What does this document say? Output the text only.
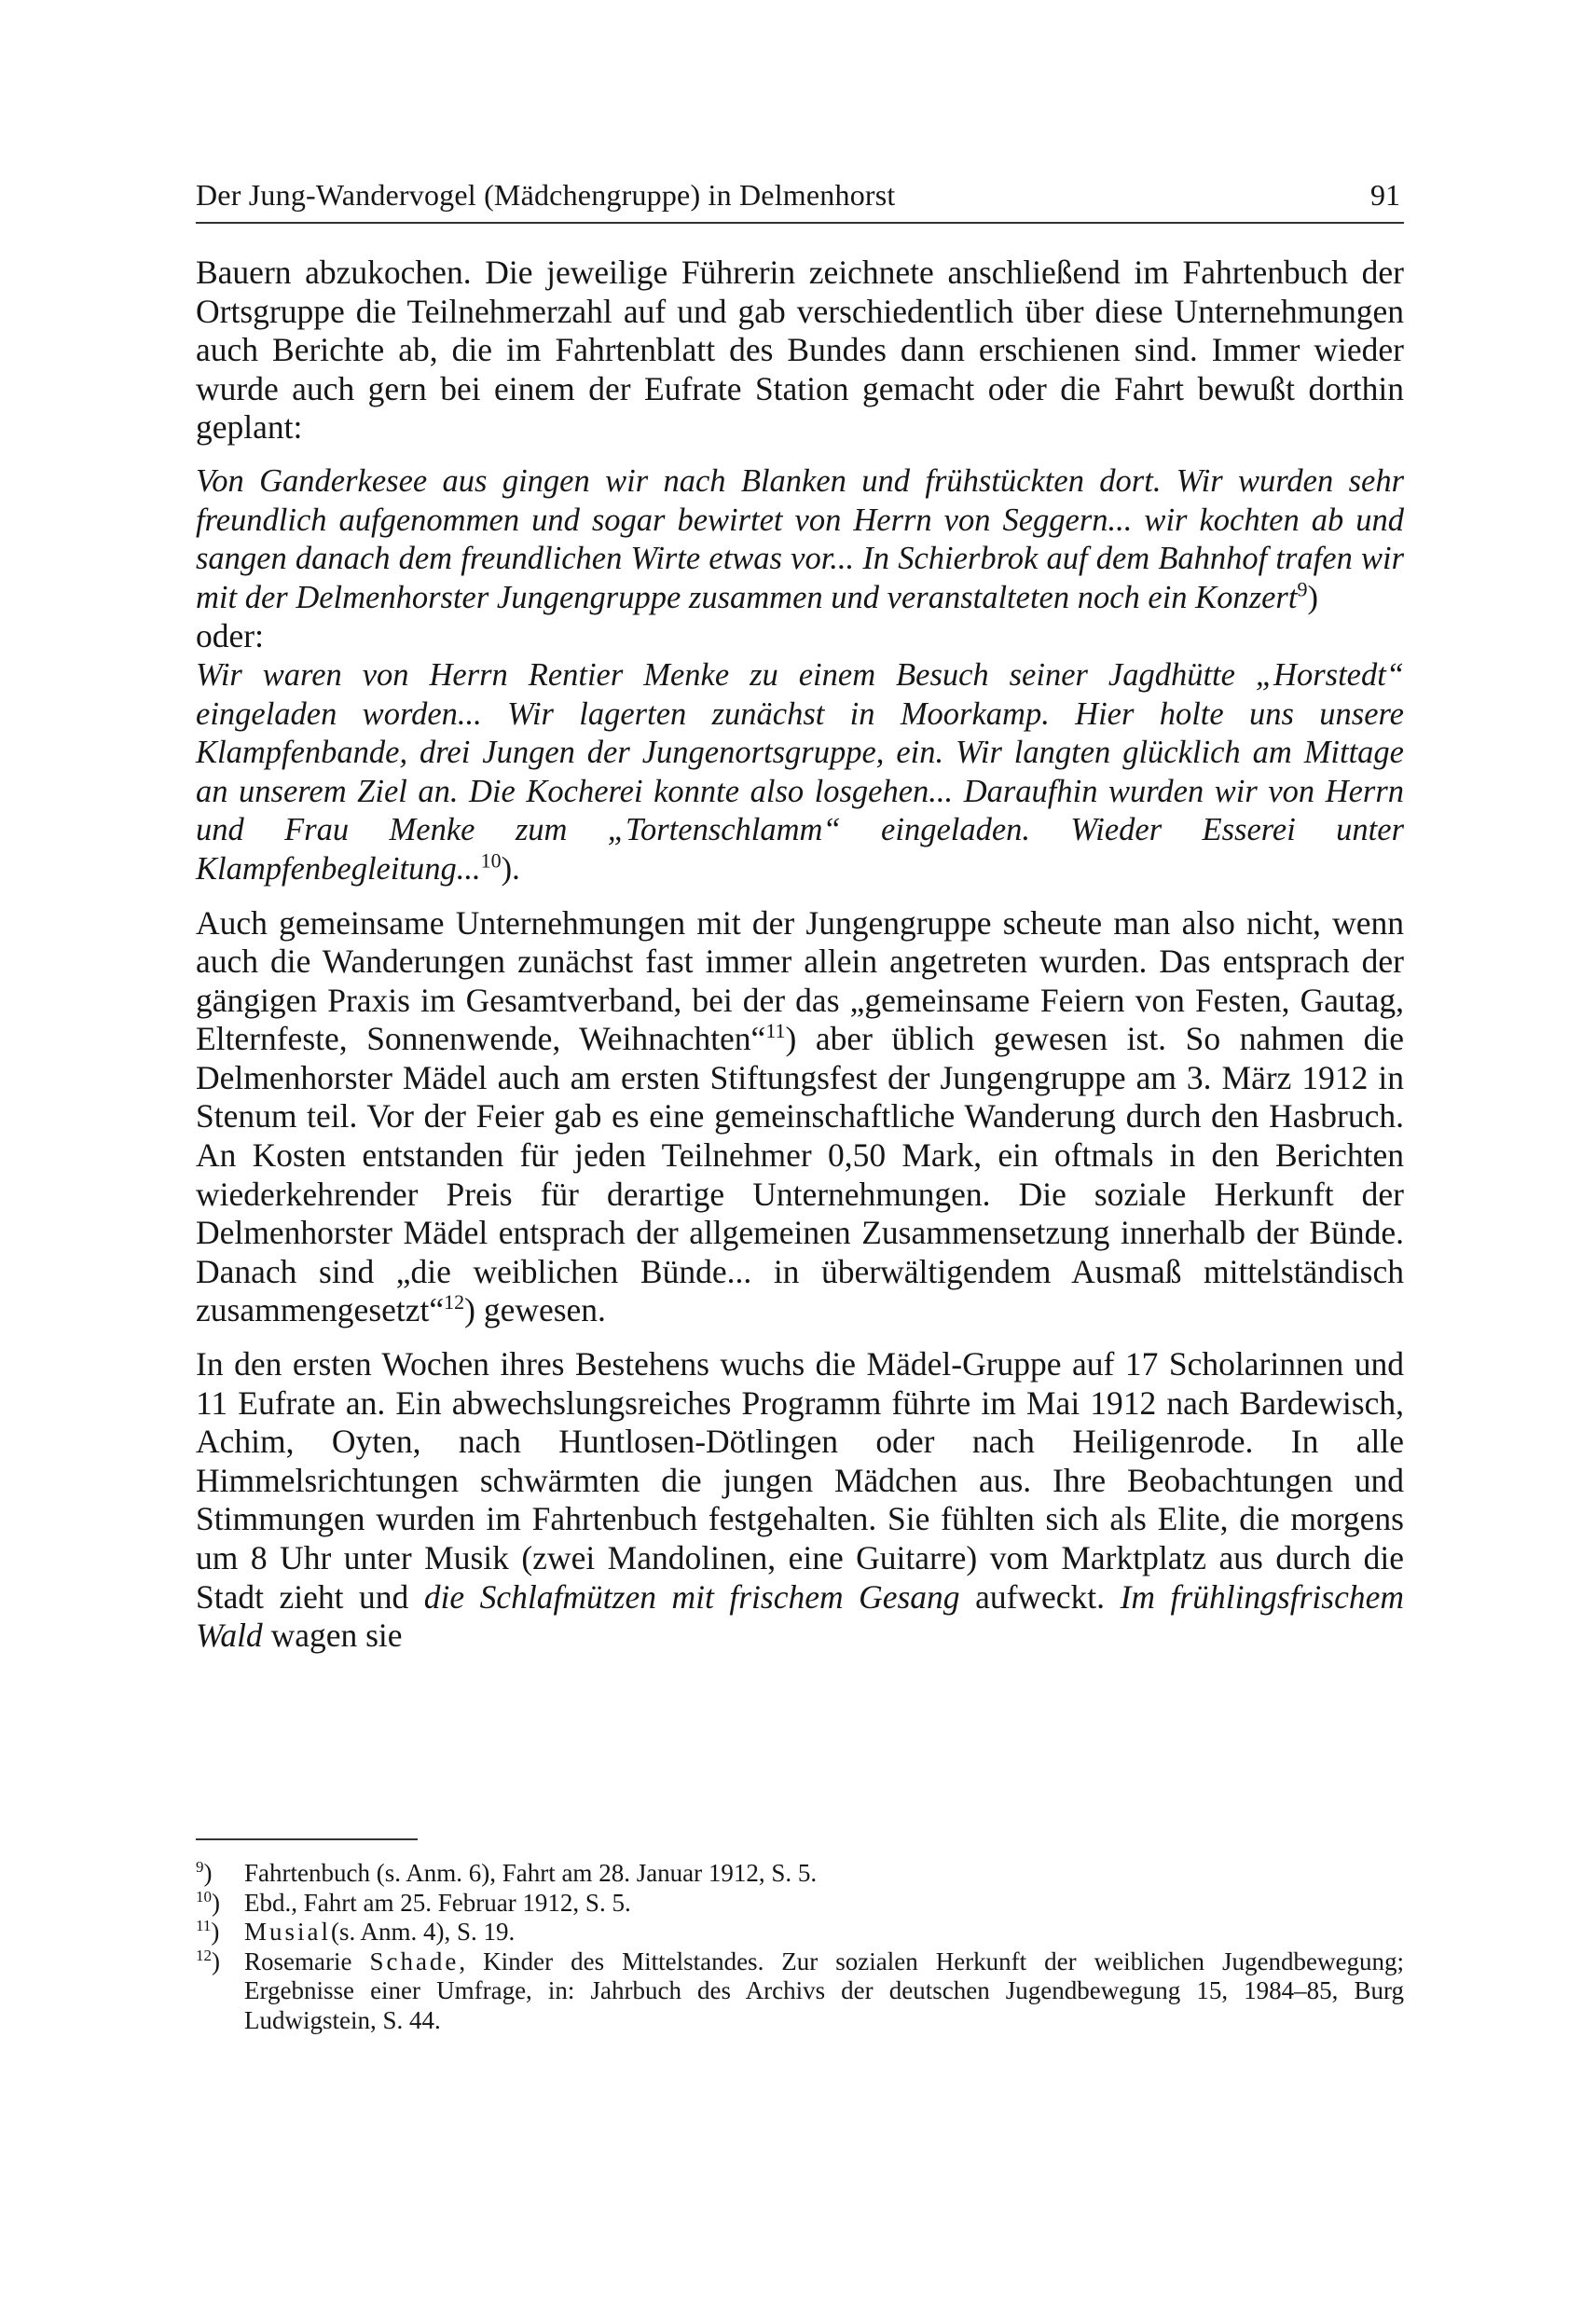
Der Jung-Wandervogel (Mädchengruppe) in Delmenhorst	91

Bauern abzukochen. Die jeweilige Führerin zeichnete anschließend im Fahrtenbuch der Ortsgruppe die Teilnehmerzahl auf und gab verschiedentlich über diese Unternehmungen auch Berichte ab, die im Fahrtenblatt des Bundes dann erschienen sind. Immer wieder wurde auch gern bei einem der Eufrate Station gemacht oder die Fahrt bewußt dorthin geplant:

Von Ganderkesee aus gingen wir nach Blanken und frühstückten dort. Wir wurden sehr freundlich aufgenommen und sogar bewirtet von Herrn von Seggern... wir kochten ab und sangen danach dem freundlichen Wirte etwas vor... In Schierbrok auf dem Bahnhof trafen wir mit der Delmenhorster Jungengruppe zusammen und veranstalteten noch ein Konzert$^9$)

oder:

Wir waren von Herrn Rentier Menke zu einem Besuch seiner Jagdhütte „Horstedt“ eingeladen worden... Wir lagerten zunächst in Moorkamp. Hier holte uns unsere Klampfenbande, drei Jungen der Jungenortsgruppe, ein. Wir langten glücklich am Mittage an unserem Ziel an. Die Kocherei konnte also losgehen... Daraufhin wurden wir von Herrn und Frau Menke zum „Tortenschlamm“ eingeladen. Wieder Esserei unter Klampfenbegleitung...$^{10}$).

Auch gemeinsame Unternehmungen mit der Jungengruppe scheute man also nicht, wenn auch die Wanderungen zunächst fast immer allein angetreten wurden. Das entsprach der gängigen Praxis im Gesamtverband, bei der das „gemeinsame Feiern von Festen, Gautag, Elternfeste, Sonnenwende, Weihnachten“$^{11}$) aber üblich gewesen ist. So nahmen die Delmenhorster Mädel auch am ersten Stiftungsfest der Jungengruppe am 3. März 1912 in Stenum teil. Vor der Feier gab es eine gemeinschaftliche Wanderung durch den Hasbruch. An Kosten entstanden für jeden Teilnehmer 0,50 Mark, ein oftmals in den Berichten wiederkehrender Preis für derartige Unternehmungen. Die soziale Herkunft der Delmenhorster Mädel entsprach der allgemeinen Zusammensetzung innerhalb der Bünde. Danach sind „die weiblichen Bünde... in überwältigendem Ausmaß mittelständisch zusammengesetzt“$^{12}$) gewesen.

In den ersten Wochen ihres Bestehens wuchs die Mädel-Gruppe auf 17 Scholarinnen und 11 Eufrate an. Ein abwechslungsreiches Programm führte im Mai 1912 nach Bardewisch, Achim, Oyten, nach Huntlosen-Dötlingen oder nach Heiligenrode. In alle Himmelsrichtungen schwärmten die jungen Mädchen aus. Ihre Beobachtungen und Stimmungen wurden im Fahrtenbuch festgehalten. Sie fühlten sich als Elite, die morgens um 8 Uhr unter Musik (zwei Mandolinen, eine Guitarre) vom Marktplatz aus durch die Stadt zieht und die Schlafmützen mit frischem Gesang aufweckt. Im frühlingsfrischem Wald wagen sie

$^9$) Fahrtenbuch (s. Anm. 6), Fahrt am 28. Januar 1912, S. 5.
$^{10}$) Ebd., Fahrt am 25. Februar 1912, S. 5.
$^{11}$) Musial(s. Anm. 4), S. 19.
$^{12}$) Rosemarie Schade, Kinder des Mittelstandes. Zur sozialen Herkunft der weiblichen Jugendbewegung; Ergebnisse einer Umfrage, in: Jahrbuch des Archivs der deutschen Jugendbewegung 15, 1984–85, Burg Ludwigstein, S. 44.
